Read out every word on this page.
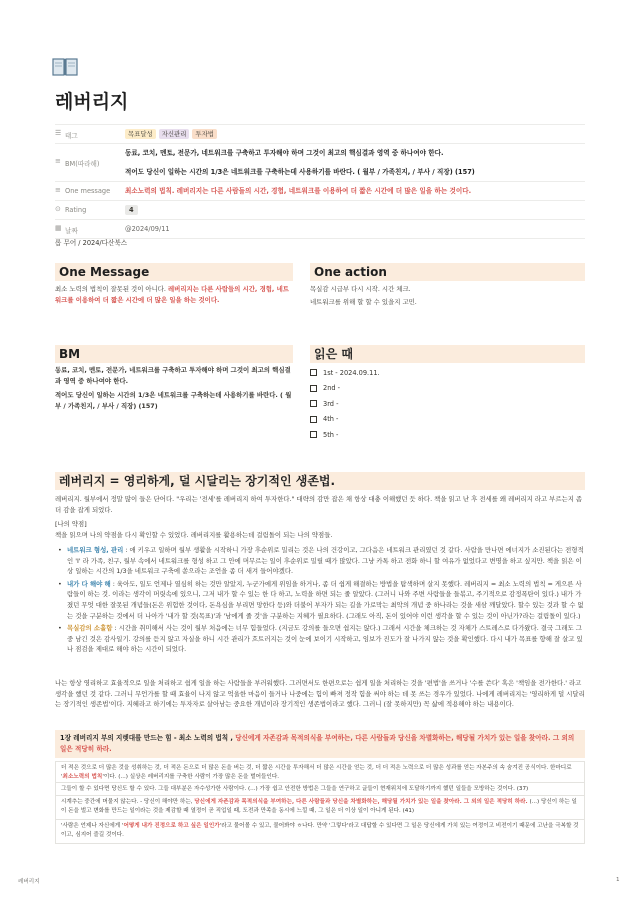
레버리지
☰ 태그	목표달성 자신관리 투자법
≡ BM(따라해)
동료, 코치, 멘토, 전문가, 네트워크를 구축하고 투자해야 하며 그것이 최고의 핵심결과 영역 중 하나여야 한다.
적어도 당신이 일하는 시간의 1/3은 네트워크를 구축하는데 사용하기를 바란다. ( 월부 / 가족친지, / 부사 / 직장) (157)
≡ One message	최소노력의 법칙. 레버리지는 다른 사람들의 시간, 경험, 네트워크를 이용하여 더 짧은 시간에 더 많은 일을 하는 것이다.
⊙ Rating	4
▦ 날짜	@2024/09/11
롭 무어 / 2024/다산북스
One Message
최소 노력의 법칙이 잘못된 것이 아니다. 레버리지는 다른 사람들의 시간, 경험, 네트워크를 이용하여 더 짧은 시간에 더 많은 일을 하는 것이다.
One action
목실감 시급부 다시 시작. 시간 체크.
네트워크를 위해 할 할 수 있을지 고민.
BM
동료, 코치, 멘토, 전문가, 네트워크를 구축하고 투자해야 하며 그것이 최고의 핵심결과 영역 중 하나여야 한다.
적어도 당신이 일하는 시간의 1/3은 네트워크를 구축하는데 사용하기를 바란다. ( 월부 / 가족친지, / 부사 / 직장) (157)
읽은 때
1st - 2024.09.11.
2nd -
3rd -
4th -
5th -
레버리지 = 영리하게, 덜 시달리는 장기적인 생존법.
레버리지. 월부에서 정말 많이 들은 단어다. "우리는 '전세'를 레버리지 하여 투자한다." 대략의 감만 잡은 채 항상 대충 이해했던 듯 하다. 책을 읽고 난 후 전세를 왜 레버리지 라고 부르는지 좀 더 감을 잡게 되었다.
[나의 약점]
책을 읽으며 나의 약점을 다시 확인할 수 있었다. 레버리지를 활용하는데 걸림돌이 되는 나의 약점들.
• 네트워크 형성, 관리 : 애 키우고 일하며 월부 생활을 시작하니 가장 후순위로 밀리는 것은 나의 건강이고, 그다음은 네트워크 관리였던 것 같다. 사람을 만나면 에너지가 소진된다는 전형적인 'I' 라 가족, 친구, 월부 속에서 네트워크를 형성 하고 그 안에 머무르는 일이 후순위로 밀릴 때가 많았다. 그냥 카톡 하고 전화 하니 할 여유가 없었다고 변명을 하고 싶지만. 책을 읽은 이상 일하는 시간의 1/3을 네트워크 구축에 쏟으라는 조언을 좀 더 새겨 들어야겠다.
• 내가 다 해야 해 : 육아도, 일도 언제나 열심히 하는 것만 알았지, 누군가에게 위임을 하거나, 좀 더 쉽게 해결하는 방법을 탐색하며 살지 못했다. 레버리지 = 최소 노력의 법칙 = 게으른 사람들이 하는 것. 이라는 생각이 머릿속에 있으니, 그저 내가 할 수 있는 한 다 하고, 노력을 하면 되는 줄 알았다. (그러니 나와 주변 사람들을 들볶고, 주기적으로 감정폭탄이 있다.) 내가 가졌던 무엇 대한 잘못된 개념들(돈은 위험한 것이다, 돈욕심을 부리면 망한다 등)와 더불어 부자가 되는 길을 가로막는 최악의 개념 중 하나라는 것을 새삼 깨달았다. 할수 있는 것과 할 수 없는 것을 구분하는 것에서 더 나아가 '내가 할 것(목표)'과 '남에게 줄 것'을 구분하는 지혜가 필요하다. (그래도 아직, 돈이 있어야 이런 생각을 할 수 있는 것이 아닌가?라는 걸림돌이 있다.)
• 목실감의 소홀함 : 시간을 취미해서 사는 것이 월부 처음에는 너무 힘들었다. (지금도 강의를 들으면 쉽지는 않다.) 그래서 시간을 체크하는 것 자체가 스트레스로 다가왔다. 결국 그래도 그 중 남긴 것은 감사일기. 강의를 듣지 않고 자실을 하니 시간 관리가 흐트러지는 것이 눈에 보이기 시작하고, 임보가 진도가 잘 나가지 않는 것을 확인했다. 다시 내가 목표를 향해 잘 살고 있나 점검을 제대로 해야 하는 시간이 되었다.
나는 항상 영리하고 효율적으로 일을 처리하고 쉽게 일을 하는 사람들을 부러워했다. 그러면서도 한편으로는 쉽게 일을 처리하는 것을 '편법'을 쓰거나 '수를 쓴다' 혹은 '책임을 전가한다.' 라고 생각을 했던 것 같다. 그러니 무언가를 할 때 효율이 나지 않고 억울한 마음이 들거나 나중에는 힘이 빠져 정작 힘을 써야 하는 데 못 쓰는 경우가 있었다. 나에게 레버리지는 '영리하게 덜 시달리는 장기적인 생존법'이다. 지혜라고 하기에는 투자자로 살아남는 중요한 개념이라 장기적인 생존법이라고 했다. 그러니 (잘 못하지만) 꼭 삶에 적용해야 하는 내용이다.
1장 레버리지 부의 지렛대를 만드는 힘 - 최소 노력의 법칙 , 당신에게 자존감과 목적의식을 부여하는, 다른 사람들과 당신을 차별화하는, 해당될 가치가 있는 일을 찾아라. 그 외의 일은 적당히 하라.
더 적은 것으로 더 많은 것을 성취하는 것, 더 적은 돈으로 더 많은 돈을 버는 것, 더 짧은 시간을 투자해서 더 많은 시간을 얻는 것, 더 더 적은 노력으로 더 많은 성과를 얻는 자본주의 속 숨겨진 공식이다. 한마디로 '최소노력의 법칙'이다. (...) 실상은 레버리지를 구축한 사람이 가장 많은 돈을 벌어들인다.
그들이 할 수 있다면 당신도 할 수 있다. 그들 대부분은 자수성가한 사람이다. (...) 가장 쉽고 안전한 방법은 그들을 연구하고 글들이 현재위치에 도달하기까지 했던 일들을 모방하는 것이다. (37)
시계추는 중간에 머물지 않는다. - 당신이 해야만 하는, 당신에게 자존감과 목적의식을 부여하는, 다른 사람들과 당신을 차별화하는, 해당될 가치가 있는 일을 찾아라. 그 외의 일은 적당히 하라. (...) 당신이 하는 일이 돈을 벌고 변화를 만드는 일이라는 것을 제감할 때 열정이 곧 직업일 때, 도전과 만족을 동시에 느낄 때, 그 일은 더 이상 일이 아니게 된다. (41)
'사람은 언제나 자신에게 '어떻게 내가 진정으로 하고 싶은 일인가'라고 물어볼 수 있고, 물어봐야 ㅎ나다. 만약 '그렇다'라고 대답할 수 있다면 그 일은 당신에게 가치 있는 여정이고 비전이기 때문에 고난을 극복할 것이고, 심지어 즐길 것이다.
레버리지	1
